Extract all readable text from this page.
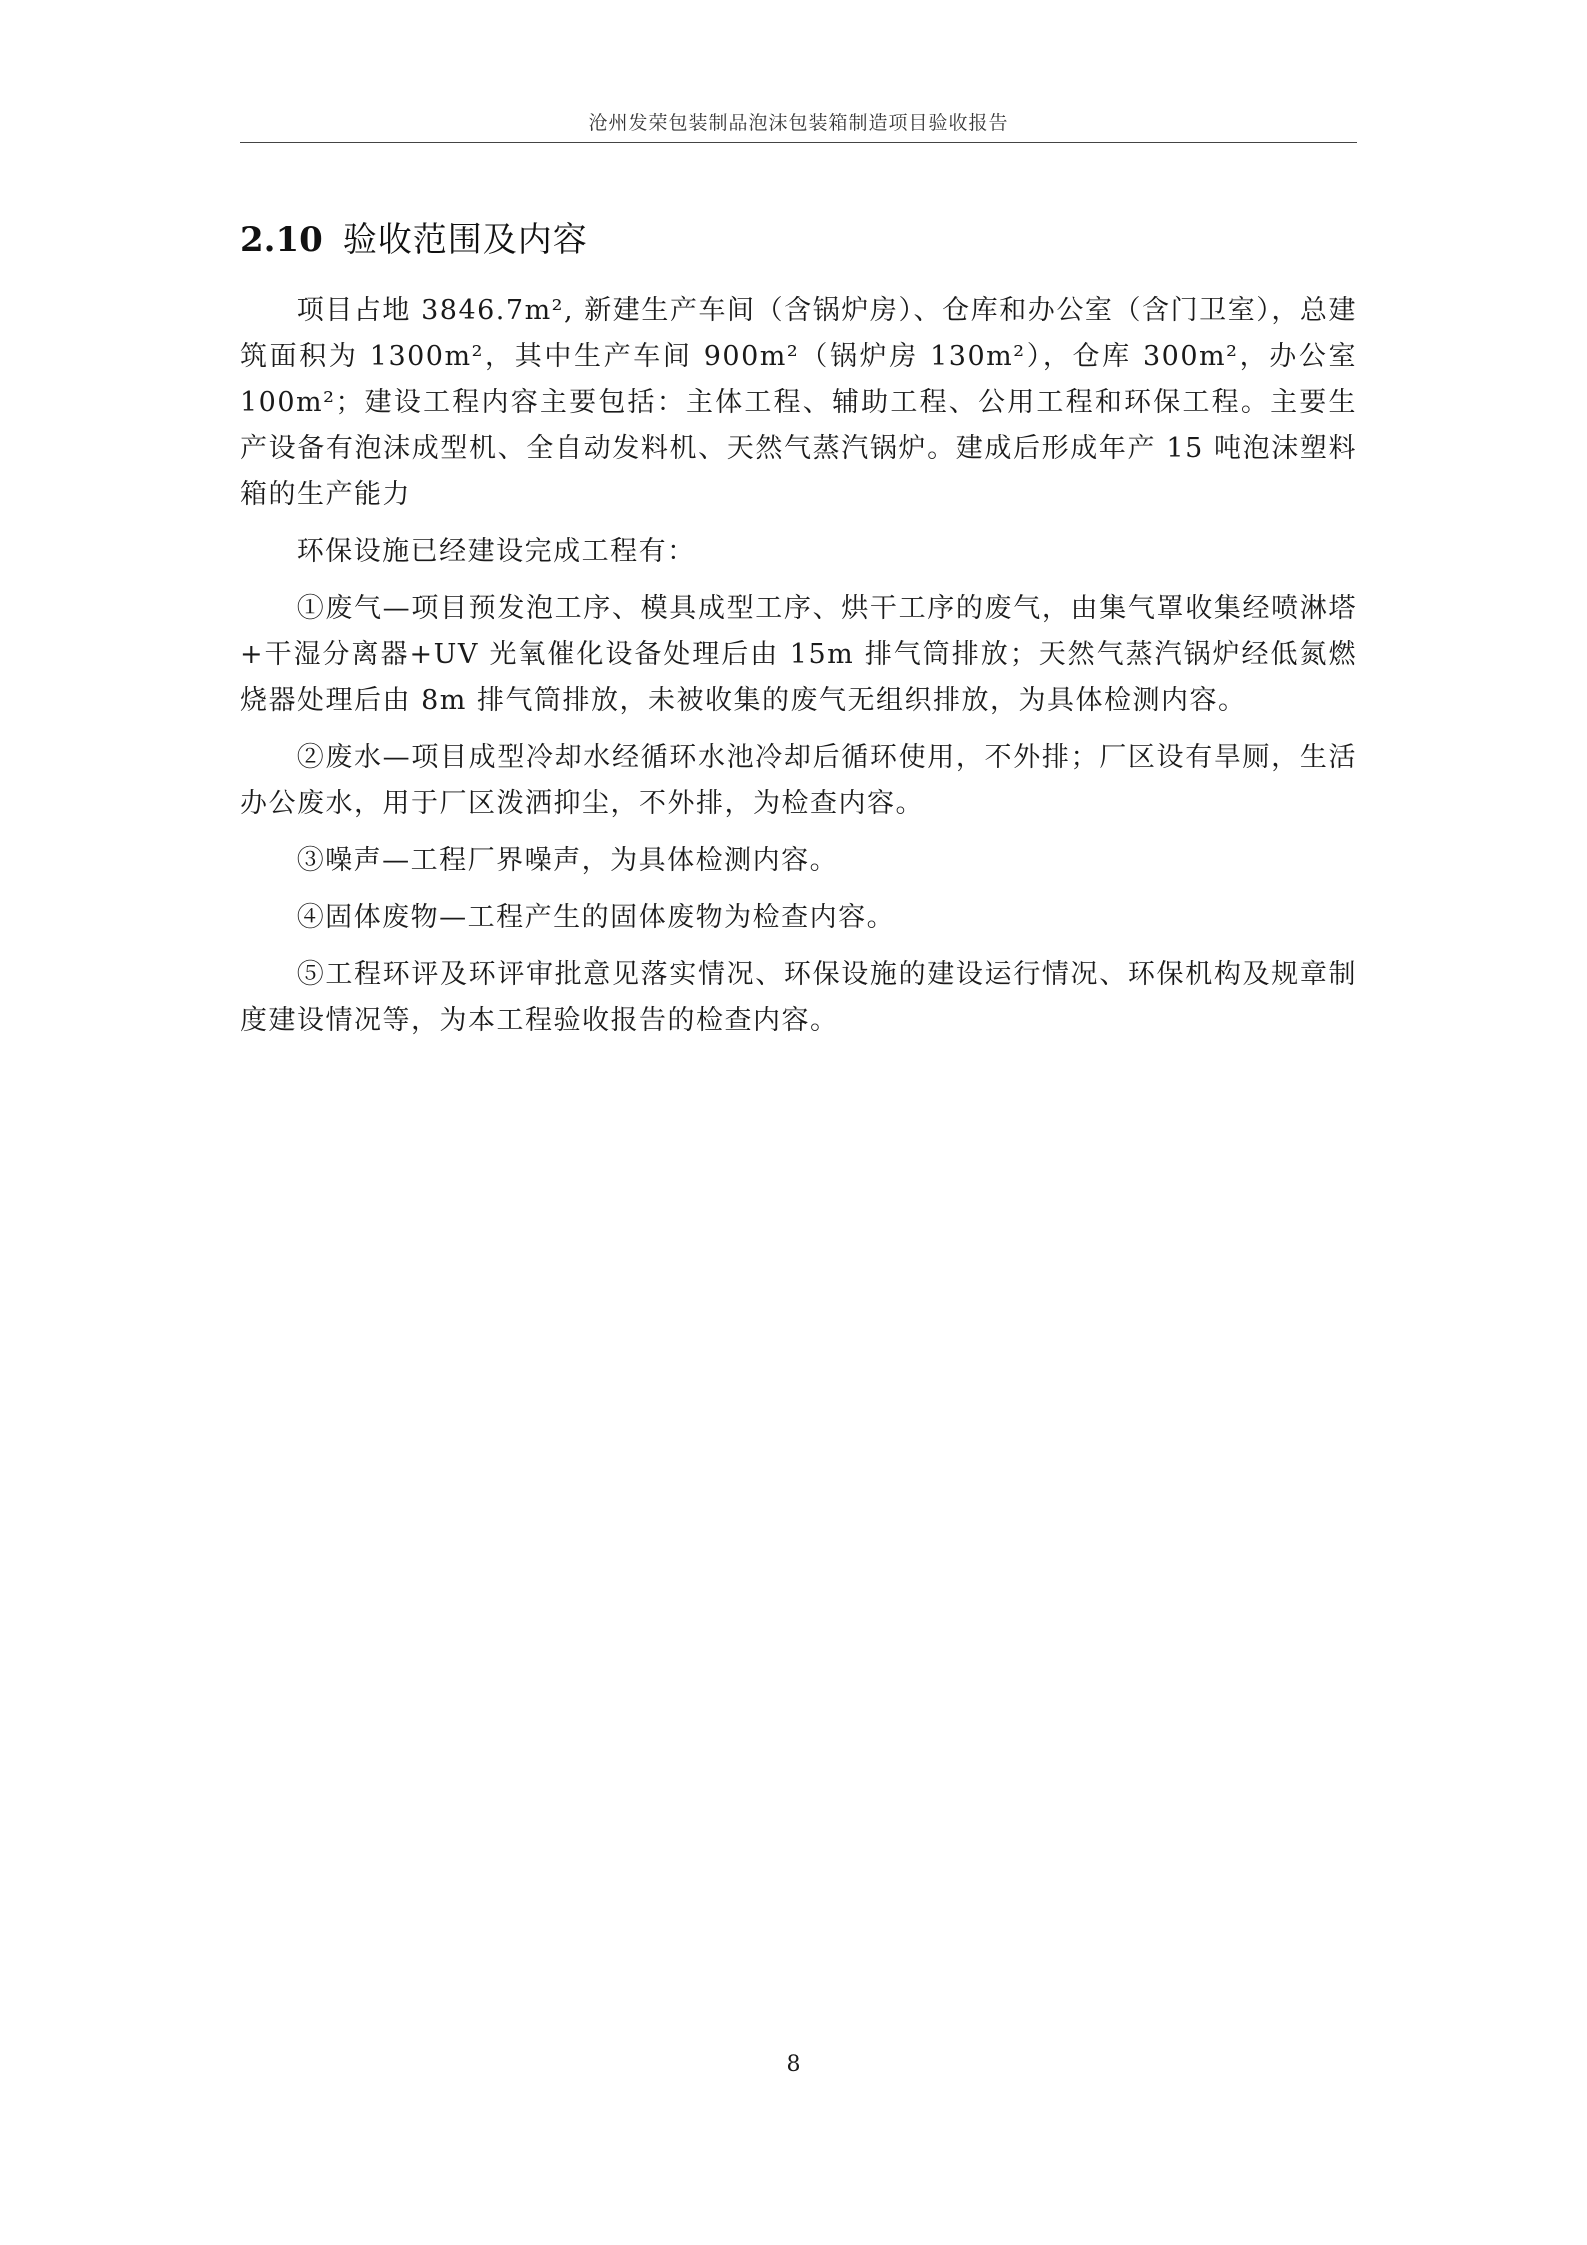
沧州发荣包装制品泡沫包装箱制造项目验收报告
2.10 验收范围及内容

项目占地 3846.7m², 新建生产车间（含锅炉房）、仓库和办公室（含门卫室），总建筑面积为 1300m²，其中生产车间 900m²（锅炉房 130m²），仓库 300m²，办公室 100m²；建设工程内容主要包括：主体工程、辅助工程、公用工程和环保工程。主要生产设备有泡沫成型机、全自动发料机、天然气蒸汽锅炉。建成后形成年产 15 吨泡沫塑料箱的生产能力

环保设施已经建设完成工程有：

①废气—项目预发泡工序、模具成型工序、烘干工序的废气，由集气罩收集经喷淋塔+干湿分离器+UV 光氧催化设备处理后由 15m 排气筒排放；天然气蒸汽锅炉经低氮燃烧器处理后由 8m 排气筒排放，未被收集的废气无组织排放，为具体检测内容。

②废水—项目成型冷却水经循环水池冷却后循环使用，不外排；厂区设有旱厕，生活办公废水，用于厂区泼洒抑尘，不外排，为检查内容。

③噪声—工程厂界噪声，为具体检测内容。

④固体废物—工程产生的固体废物为检查内容。

⑤工程环评及环评审批意见落实情况、环保设施的建设运行情况、环保机构及规章制度建设情况等，为本工程验收报告的检查内容。

8
